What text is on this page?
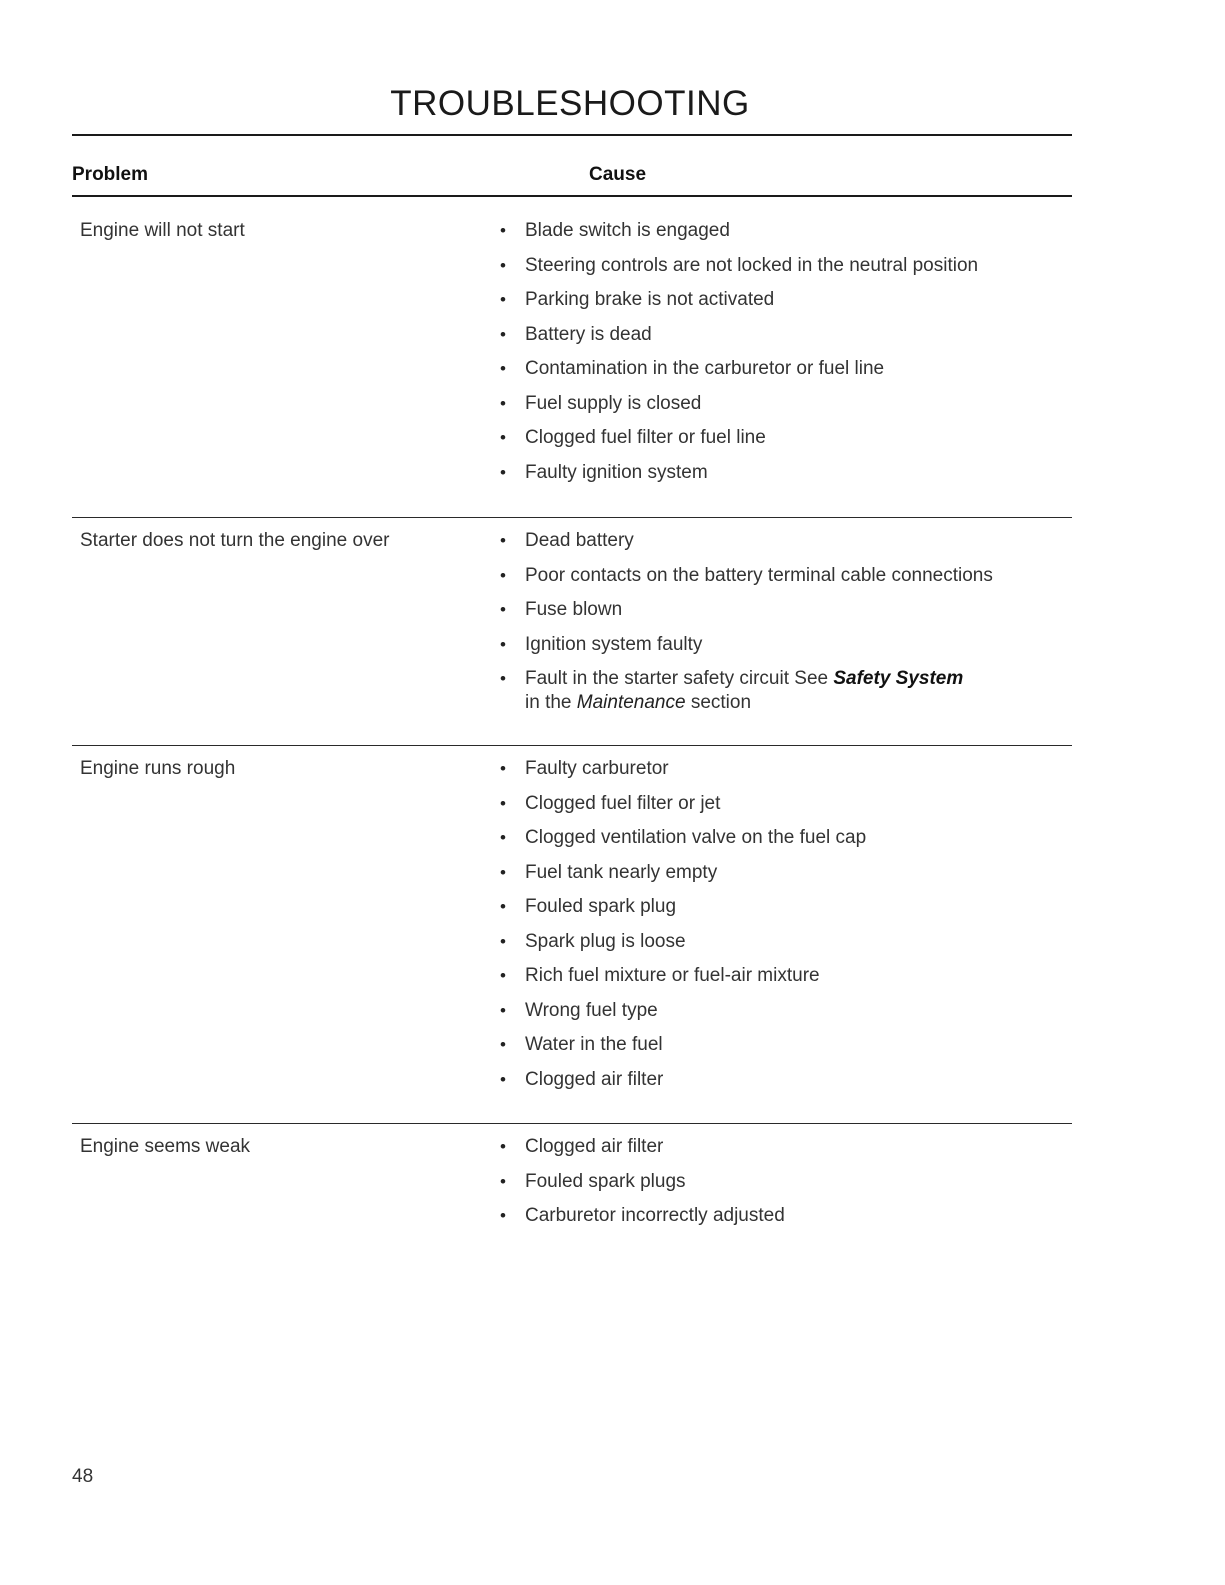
TROUBLESHOOTING
Problem	Cause
Engine will not start	• Blade switch is engaged
• Steering controls are not locked in the neutral position
• Parking brake is not activated
• Battery is dead
• Contamination in the carburetor or fuel line
• Fuel supply is closed
• Clogged fuel filter or fuel line
• Faulty ignition system
Starter does not turn the engine over	• Dead battery
• Poor contacts on the battery terminal cable connections
• Fuse blown
• Ignition system faulty
• Fault in the starter safety circuit See Safety System
in the Maintenance section
Engine runs rough	• Faulty carburetor
• Clogged fuel filter or jet
• Clogged ventilation valve on the fuel cap
• Fuel tank nearly empty
• Fouled spark plug
• Spark plug is loose
• Rich fuel mixture or fuel-air mixture
• Wrong fuel type
• Water in the fuel
• Clogged air filter
Engine seems weak	• Clogged air filter
• Fouled spark plugs
• Carburetor incorrectly adjusted
48
